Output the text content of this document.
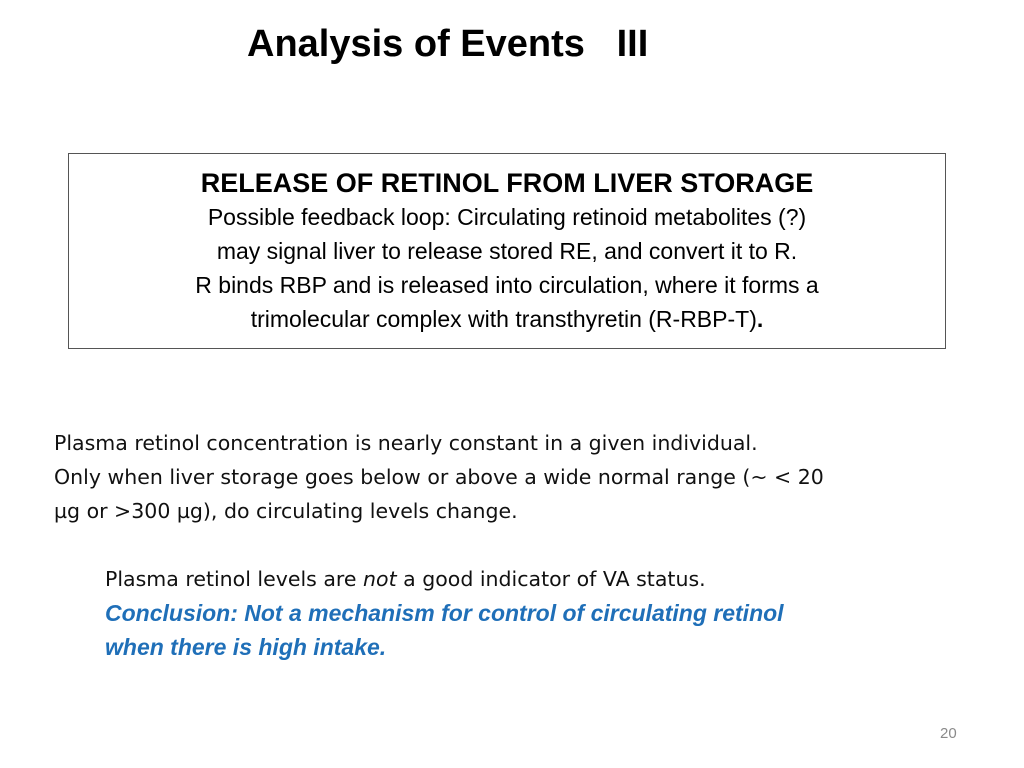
Analysis of Events   III
RELEASE OF RETINOL FROM LIVER STORAGE
Possible feedback loop: Circulating retinoid metabolites (?)
may signal liver to release stored RE, and convert it to R.
R binds RBP and is released into circulation, where it forms a
trimolecular complex with transthyretin (R-RBP-T).
Plasma retinol concentration is nearly constant in a given individual.
Only when liver storage goes below or above a wide normal range (~ < 20
µg or >300 µg), do circulating levels change.
Plasma retinol levels are not a good indicator of VA status.
Conclusion: Not a mechanism for control of circulating retinol
when there is high intake.
20
